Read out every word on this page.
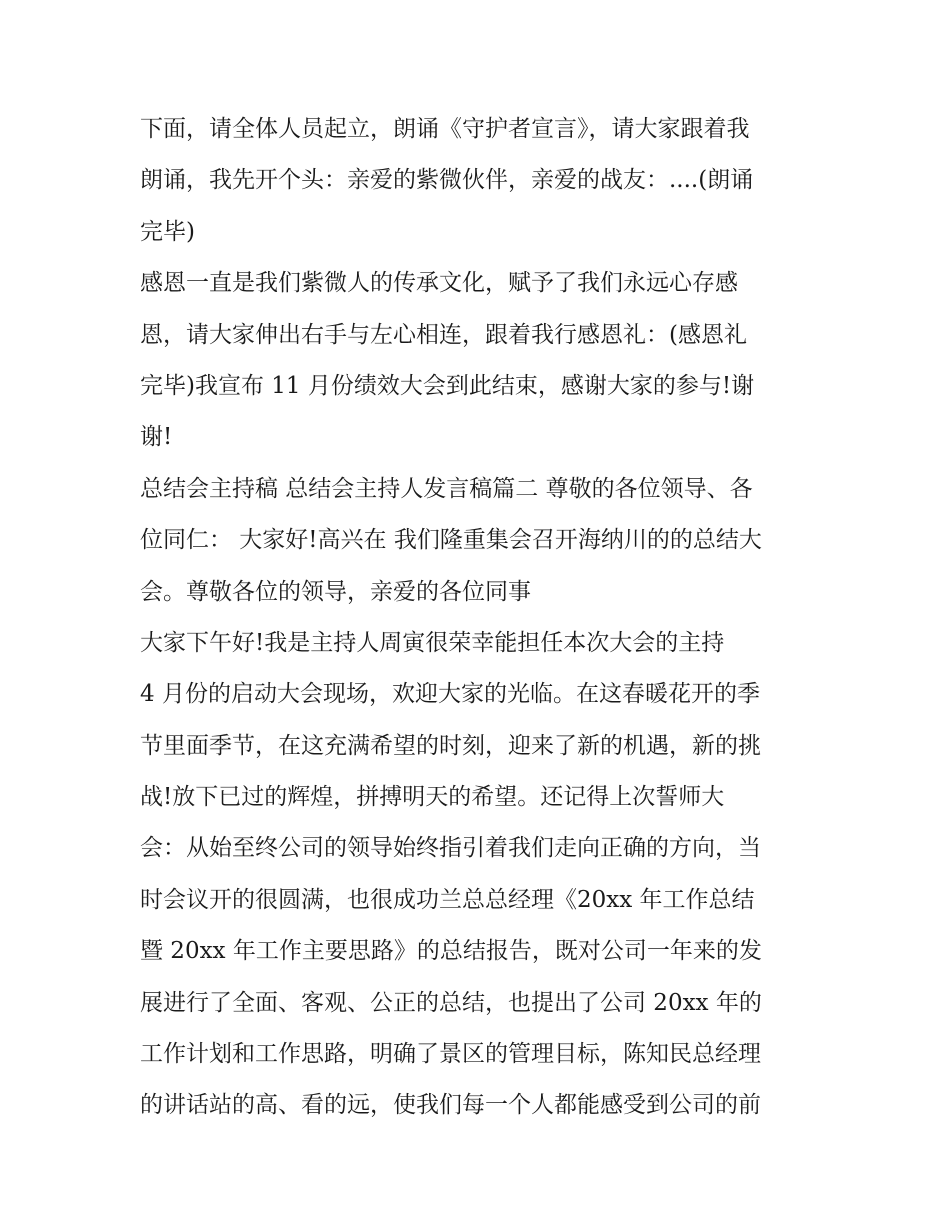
下面，请全体人员起立，朗诵《守护者宣言》，请大家跟着我
朗诵，我先开个头：亲爱的紫微伙伴，亲爱的战友：....(朗诵
完毕)
感恩一直是我们紫微人的传承文化，赋予了我们永远心存感
恩，请大家伸出右手与左心相连，跟着我行感恩礼：(感恩礼
完毕)我宣布 11 月份绩效大会到此结束，感谢大家的参与!谢
谢!
总结会主持稿 总结会主持人发言稿篇二 尊敬的各位领导、各
位同仁： 大家好!高兴在 我们隆重集会召开海纳川的的总结大
会。尊敬各位的领导，亲爱的各位同事
大家下午好!我是主持人周寅很荣幸能担任本次大会的主持
4 月份的启动大会现场，欢迎大家的光临。在这春暖花开的季
节里面季节，在这充满希望的时刻，迎来了新的机遇，新的挑
战!放下已过的辉煌，拼搏明天的希望。还记得上次誓师大
会：从始至终公司的领导始终指引着我们走向正确的方向，当
时会议开的很圆满，也很成功兰总总经理《20xx 年工作总结
暨 20xx 年工作主要思路》的总结报告，既对公司一年来的发
展进行了全面、客观、公正的总结，也提出了公司 20xx 年的
工作计划和工作思路，明确了景区的管理目标，陈知民总经理
的讲话站的高、看的远，使我们每一个人都能感受到公司的前
